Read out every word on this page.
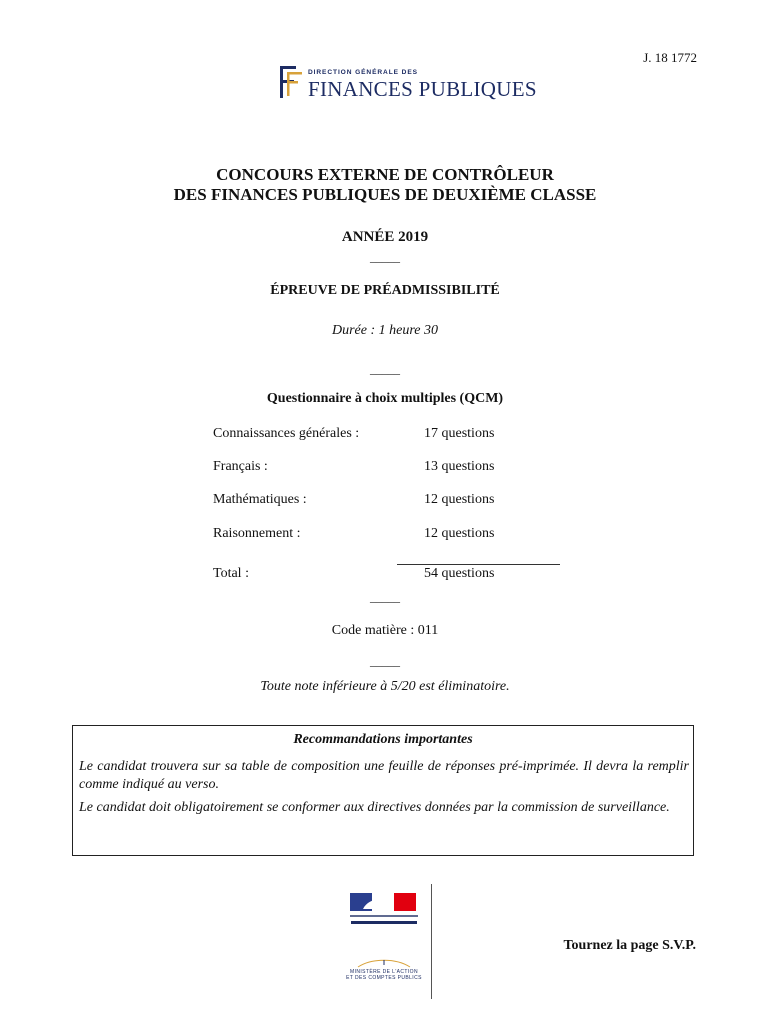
J. 18 1772
DIRECTION GÉNÉRALE DES
FINANCES PUBLIQUES
CONCOURS EXTERNE DE CONTRÔLEUR
DES FINANCES PUBLIQUES DE DEUXIÈME CLASSE
ANNÉE 2019
_____
ÉPREUVE DE PRÉADMISSIBILITÉ
Durée : 1 heure 30
_____
Questionnaire à choix multiples (QCM)
Connaissances générales :	17 questions
Français :	13 questions
Mathématiques :	12 questions
Raisonnement :	12 questions
Total :	54 questions
_____
Code matière : 011
_____
Toute note inférieure à 5/20 est éliminatoire.
Recommandations importantes

Le candidat trouvera sur sa table de composition une feuille de réponses pré-imprimée. Il devra la remplir comme indiqué au verso.

Le candidat doit obligatoirement se conformer aux directives données par la commission de surveillance.

MINISTÈRE DE L'ACTION
ET DES COMPTES PUBLICS
Tournez la page S.V.P.
